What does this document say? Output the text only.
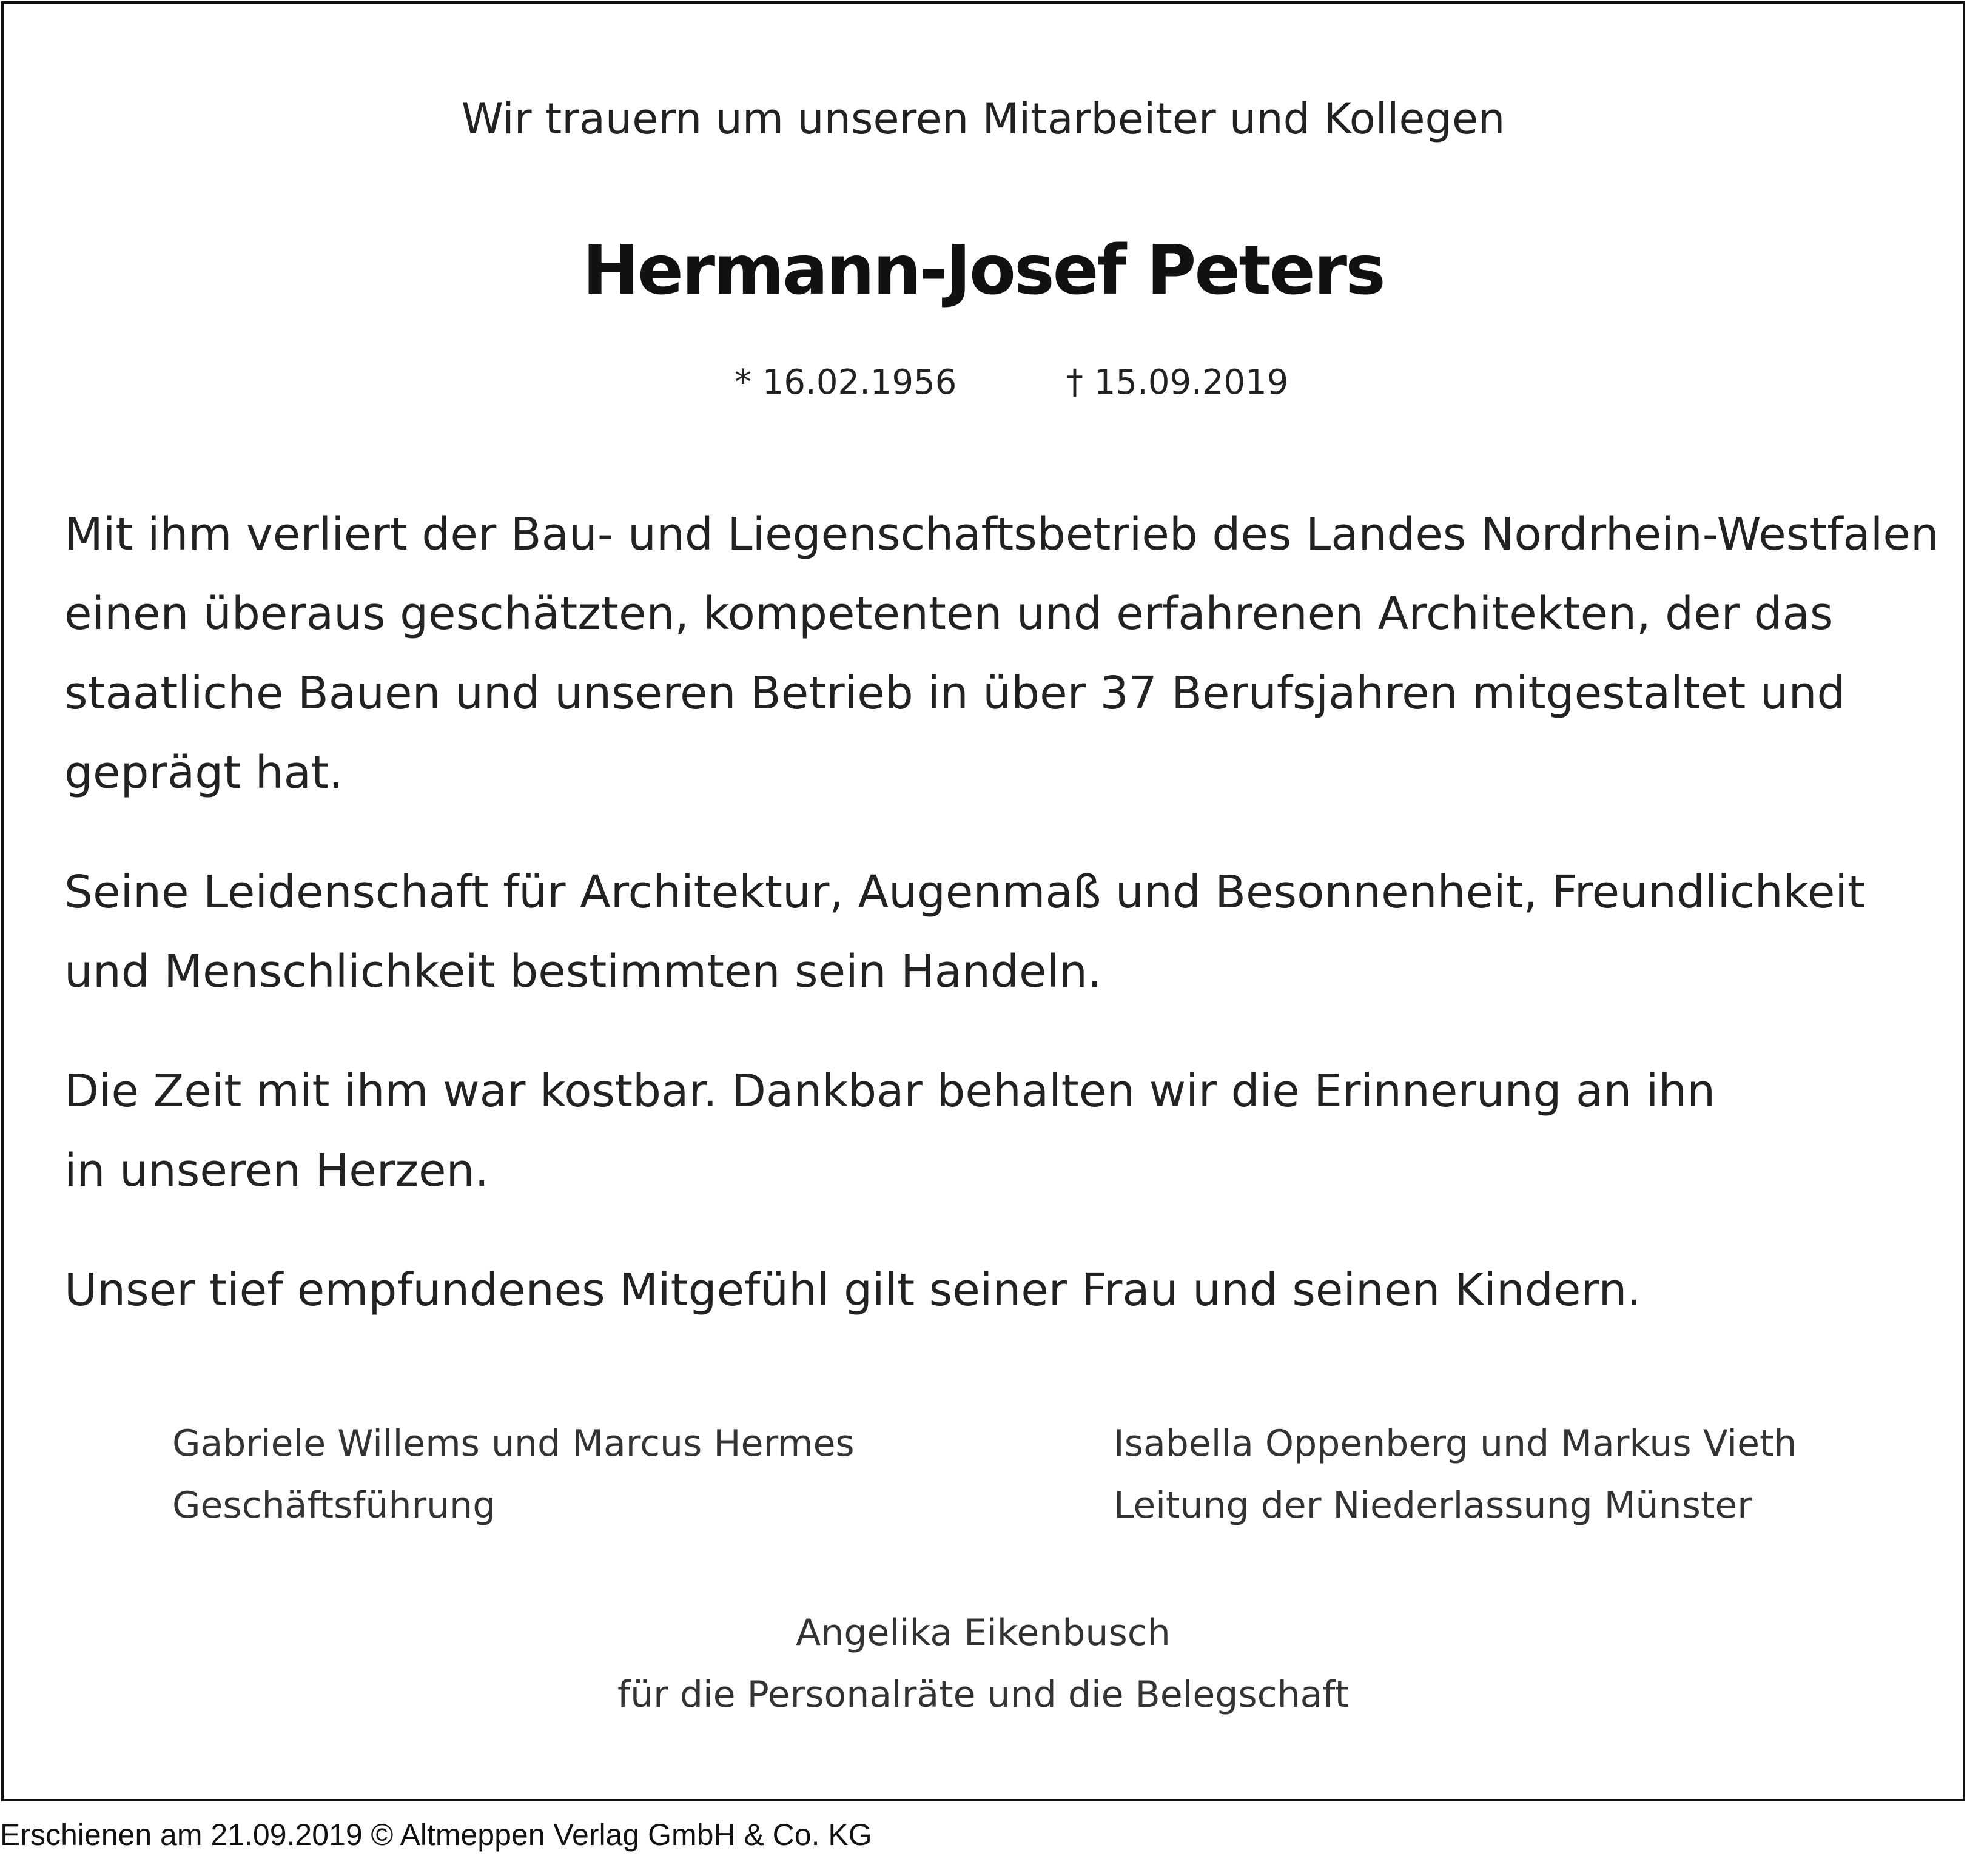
Wir trauern um unseren Mitarbeiter und Kollegen
Hermann-Josef Peters
* 16.02.1956	† 15.09.2019

Mit ihm verliert der Bau- und Liegenschaftsbetrieb des Landes Nordrhein-Westfalen
einen überaus geschätzten, kompetenten und erfahrenen Architekten, der das
staatliche Bauen und unseren Betrieb in über 37 Berufsjahren mitgestaltet und
geprägt hat.

Seine Leidenschaft für Architektur, Augenmaß und Besonnenheit, Freundlichkeit
und Menschlichkeit bestimmten sein Handeln.

Die Zeit mit ihm war kostbar. Dankbar behalten wir die Erinnerung an ihn
in unseren Herzen.

Unser tief empfundenes Mitgefühl gilt seiner Frau und seinen Kindern.

Gabriele Willems und Marcus Hermes
Geschäftsführung
Isabella Oppenberg und Markus Vieth
Leitung der Niederlassung Münster
Angelika Eikenbusch
für die Personalräte und die Belegschaft
Erschienen am 21.09.2019 © Altmeppen Verlag GmbH & Co. KG
